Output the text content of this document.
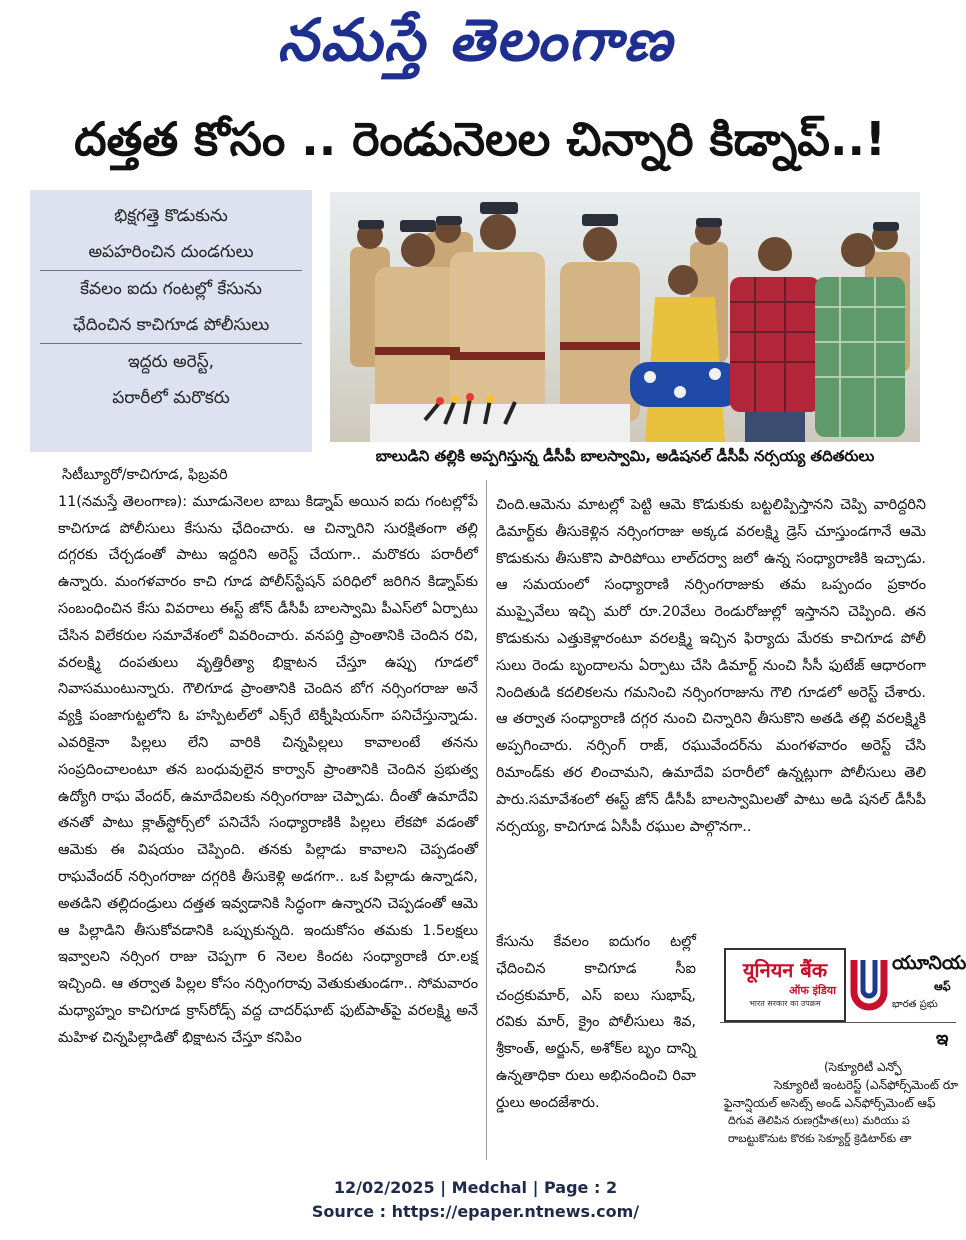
నమస్తే తెలంగాణ
దత్తత కోసం .. రెండునెలల చిన్నారి కిడ్నాప్..!
భిక్షగత్తె కొడుకును
అపహరించిన దుండగులు
కేవలం ఐదు గంటల్లో కేసును
ఛేదించిన కాచిగూడ పోలీసులు
ఇద్దరు అరెస్ట్,
పరారీలో మరొకరు
బాలుడిని తల్లికి అప్పగిస్తున్న డీసీపీ బాలస్వామి, అడిషనల్ డీసీపీ నర్సయ్య తదితరులు

సిటీబ్యూరో/కాచిగూడ, ఫిబ్రవరి

11(నమస్తే తెలంగాణ): మూడునెలల బాబు కిడ్నాప్ అయిన ఐదు గంటల్లోపే కాచిగూడ పోలీసులు కేసును ఛేదించారు. ఆ చిన్నారిని సురక్షితంగా తల్లి దగ్గరకు చేర్చడంతో పాటు ఇద్దరిని అరెస్ట్ చేయగా.. మరొకరు పరారీలో ఉన్నారు. మంగళవారం కాచి గూడ పోలీస్‌స్టేషన్ పరిధిలో జరిగిన కిడ్నాప్‌కు సంబంధించిన కేసు వివరాలు ఈస్ట్ జోన్ డీసీపీ బాలస్వామి పీఎస్‌లో ఏర్పాటు చేసిన విలేకరుల సమావేశంలో వివరించారు. వనపర్తి ప్రాంతానికి చెందిన రవి, వరలక్ష్మి దంపతులు వృత్తిరీత్యా భిక్షాటన చేస్తూ ఉప్పు గూడలో నివాసముంటున్నారు. గౌలిగూడ ప్రాంతానికి చెందిన బోగ నర్సింగరాజు అనే వ్యక్తి పంజాగుట్టలోని ఓ హస్పిటల్‌లో ఎక్స్‌రే టెక్నీషియన్‌గా పనిచేస్తున్నాడు. ఎవరికైనా పిల్లలు లేని వారికి చిన్నపిల్లలు కావాలంటే తనను సంప్రదించాలంటూ తన బంధువులైన కార్వాన్ ప్రాంతానికి చెందిన ప్రభుత్వ ఉద్యోగి రాఘ వేందర్, ఉమాదేవిలకు నర్సింగరాజు చెప్పాడు. దీంతో ఉమాదేవి తనతో పాటు క్లాత్‌స్టోర్స్‌లో పనిచేసే సంధ్యారాణికి పిల్లలు లేకపో వడంతో ఆమెకు ఈ విషయం చెప్పింది. తనకు పిల్లాడు కావాలని చెప్పడంతో రాఘవేందర్ నర్సింగరాజు దగ్గరికి తీసుకెళ్లి అడగగా.. ఒక పిల్లాడు ఉన్నాడని, అతడిని తల్లిదండ్రులు దత్తత ఇవ్వడానికి సిద్ధంగా ఉన్నారని చెప్పడంతో ఆమె ఆ పిల్లాడిని తీసుకోవడానికి ఒప్పుకున్నది. ఇందుకోసం తమకు 1.5లక్షలు ఇవ్వాలని నర్సింగ రాజు చెప్పగా 6 నెలల కిందట సంధ్యారాణి రూ.లక్ష ఇచ్చింది. ఆ తర్వాత పిల్లల కోసం నర్సింగరావు వెతుకుతుండగా.. సోమవారం మధ్యాహ్నం కాచిగూడ క్రాస్‌రోడ్స్ వద్ద చాదర్‌ఘాట్ ఫుట్‌పాత్‌పై వరలక్ష్మి అనే మహిళ చిన్నపిల్లాడితో భిక్షాటన చేస్తూ కనిపిం

చింది.ఆమెను మాటల్లో పెట్టి ఆమె కొడుకుకు బట్టలిప్పిస్తానని చెప్పి వారిద్దరిని డిమార్ట్‌కు తీసుకెళ్లిన నర్సింగరాజు అక్కడ వరలక్ష్మి డ్రెస్ చూస్తుండగానే ఆమె కొడుకును తీసుకొని పారిపోయి లాల్‌దర్వా జలో ఉన్న సంధ్యారాణికి ఇచ్చాడు. ఆ సమయంలో సంధ్యారాణి నర్సింగరాజుకు తమ ఒప్పందం ప్రకారం ముప్పైవేలు ఇచ్చి మరో రూ.20వేలు రెండురోజుల్లో ఇస్తానని చెప్పింది. తన కొడుకును ఎత్తుకెళ్లారంటూ వరలక్ష్మి ఇచ్చిన ఫిర్యాదు మేరకు కాచిగూడ పోలీ సులు రెండు బృందాలను ఏర్పాటు చేసి డిమార్ట్ నుంచి సీసీ ఫుటేజ్ ఆధారంగా నిందితుడి కదలికలను గమనించి నర్సింగరాజును గౌలి గూడలో అరెస్ట్ చేశారు. ఆ తర్వాత సంధ్యారాణి దగ్గర నుంచి చిన్నారిని తీసుకొని అతడి తల్లి వరలక్ష్మికి అప్పగించారు. నర్సింగ్ రాజ్, రఘువేందర్‌ను మంగళవారం అరెస్ట్ చేసి రిమాండ్‌కు తర లించామని, ఉమాదేవి పరారీలో ఉన్నట్లుగా పోలీసులు తెలి పారు.సమావేశంలో ఈస్ట్ జోన్ డీసీపీ బాలస్వామిలతో పాటు అడి షనల్ డీసీపీ నర్సయ్య, కాచిగూడ ఏసీపీ రఘుల పాల్గొనగా..

కేసును కేవలం ఐదుగం టల్లో ఛేదించిన కాచిగూడ సీఐ చంద్రకుమార్, ఎస్ ఐలు సుభాష్, రవికు మార్, క్రైం పోలీసులు శివ, శ్రీకాంత్, అర్జున్, అశోక్‌ల బృం దాన్ని ఉన్నతాధికా రులు అభినందించి రివా ర్డులు అందజేశారు.

यूनियन बैंक
ऑफ इंडिया
भारत सरकार का उपक्रम
యూనియ
ఆఫ్
భారత ప్రభు
ఇ
(సెక్యూరిటీ ఎన్ఫో
సెక్యూరిటీ ఇంటరెస్ట్ (ఎన్‌ఫోర్స్‌మెంట్ రూ
ఫైనాన్షియల్ అసెట్స్ అండ్ ఎన్‌ఫోర్స్‌మెంట్ ఆఫ్
దిగువ తెలిపిన రుణగ్రహీత(లు) మరియు ప
రాబట్టుకొనుట కొరకు సెక్యూర్డ్ క్రెడిటార్‌కు తా
12/02/2025 | Medchal | Page : 2
Source : https://epaper.ntnews.com/
